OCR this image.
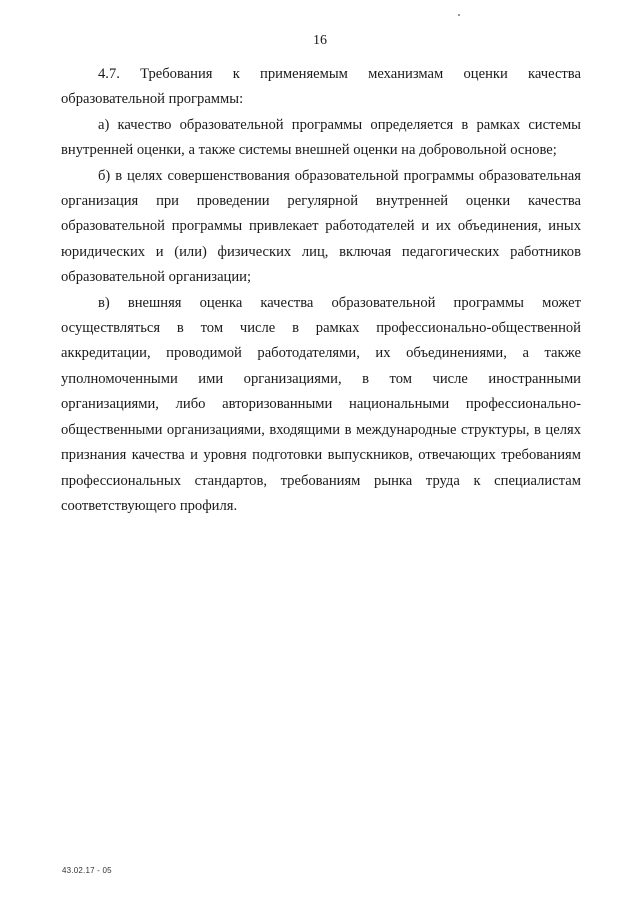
16

4.7. Требования к применяемым механизмам оценки качества образовательной программы:

а) качество образовательной программы определяется в рамках системы внутренней оценки, а также системы внешней оценки на добровольной основе;

б) в целях совершенствования образовательной программы образовательная организация при проведении регулярной внутренней оценки качества образовательной программы привлекает работодателей и их объединения, иных юридических и (или) физических лиц, включая педагогических работников образовательной организации;

в) внешняя оценка качества образовательной программы может осуществляться в том числе в рамках профессионально-общественной аккредитации, проводимой работодателями, их объединениями, а также уполномоченными ими организациями, в том числе иностранными организациями, либо авторизованными национальными профессионально-общественными организациями, входящими в международные структуры, в целях признания качества и уровня подготовки выпускников, отвечающих требованиям профессиональных стандартов, требованиям рынка труда к специалистам соответствующего профиля.

43.02.17 - 05
